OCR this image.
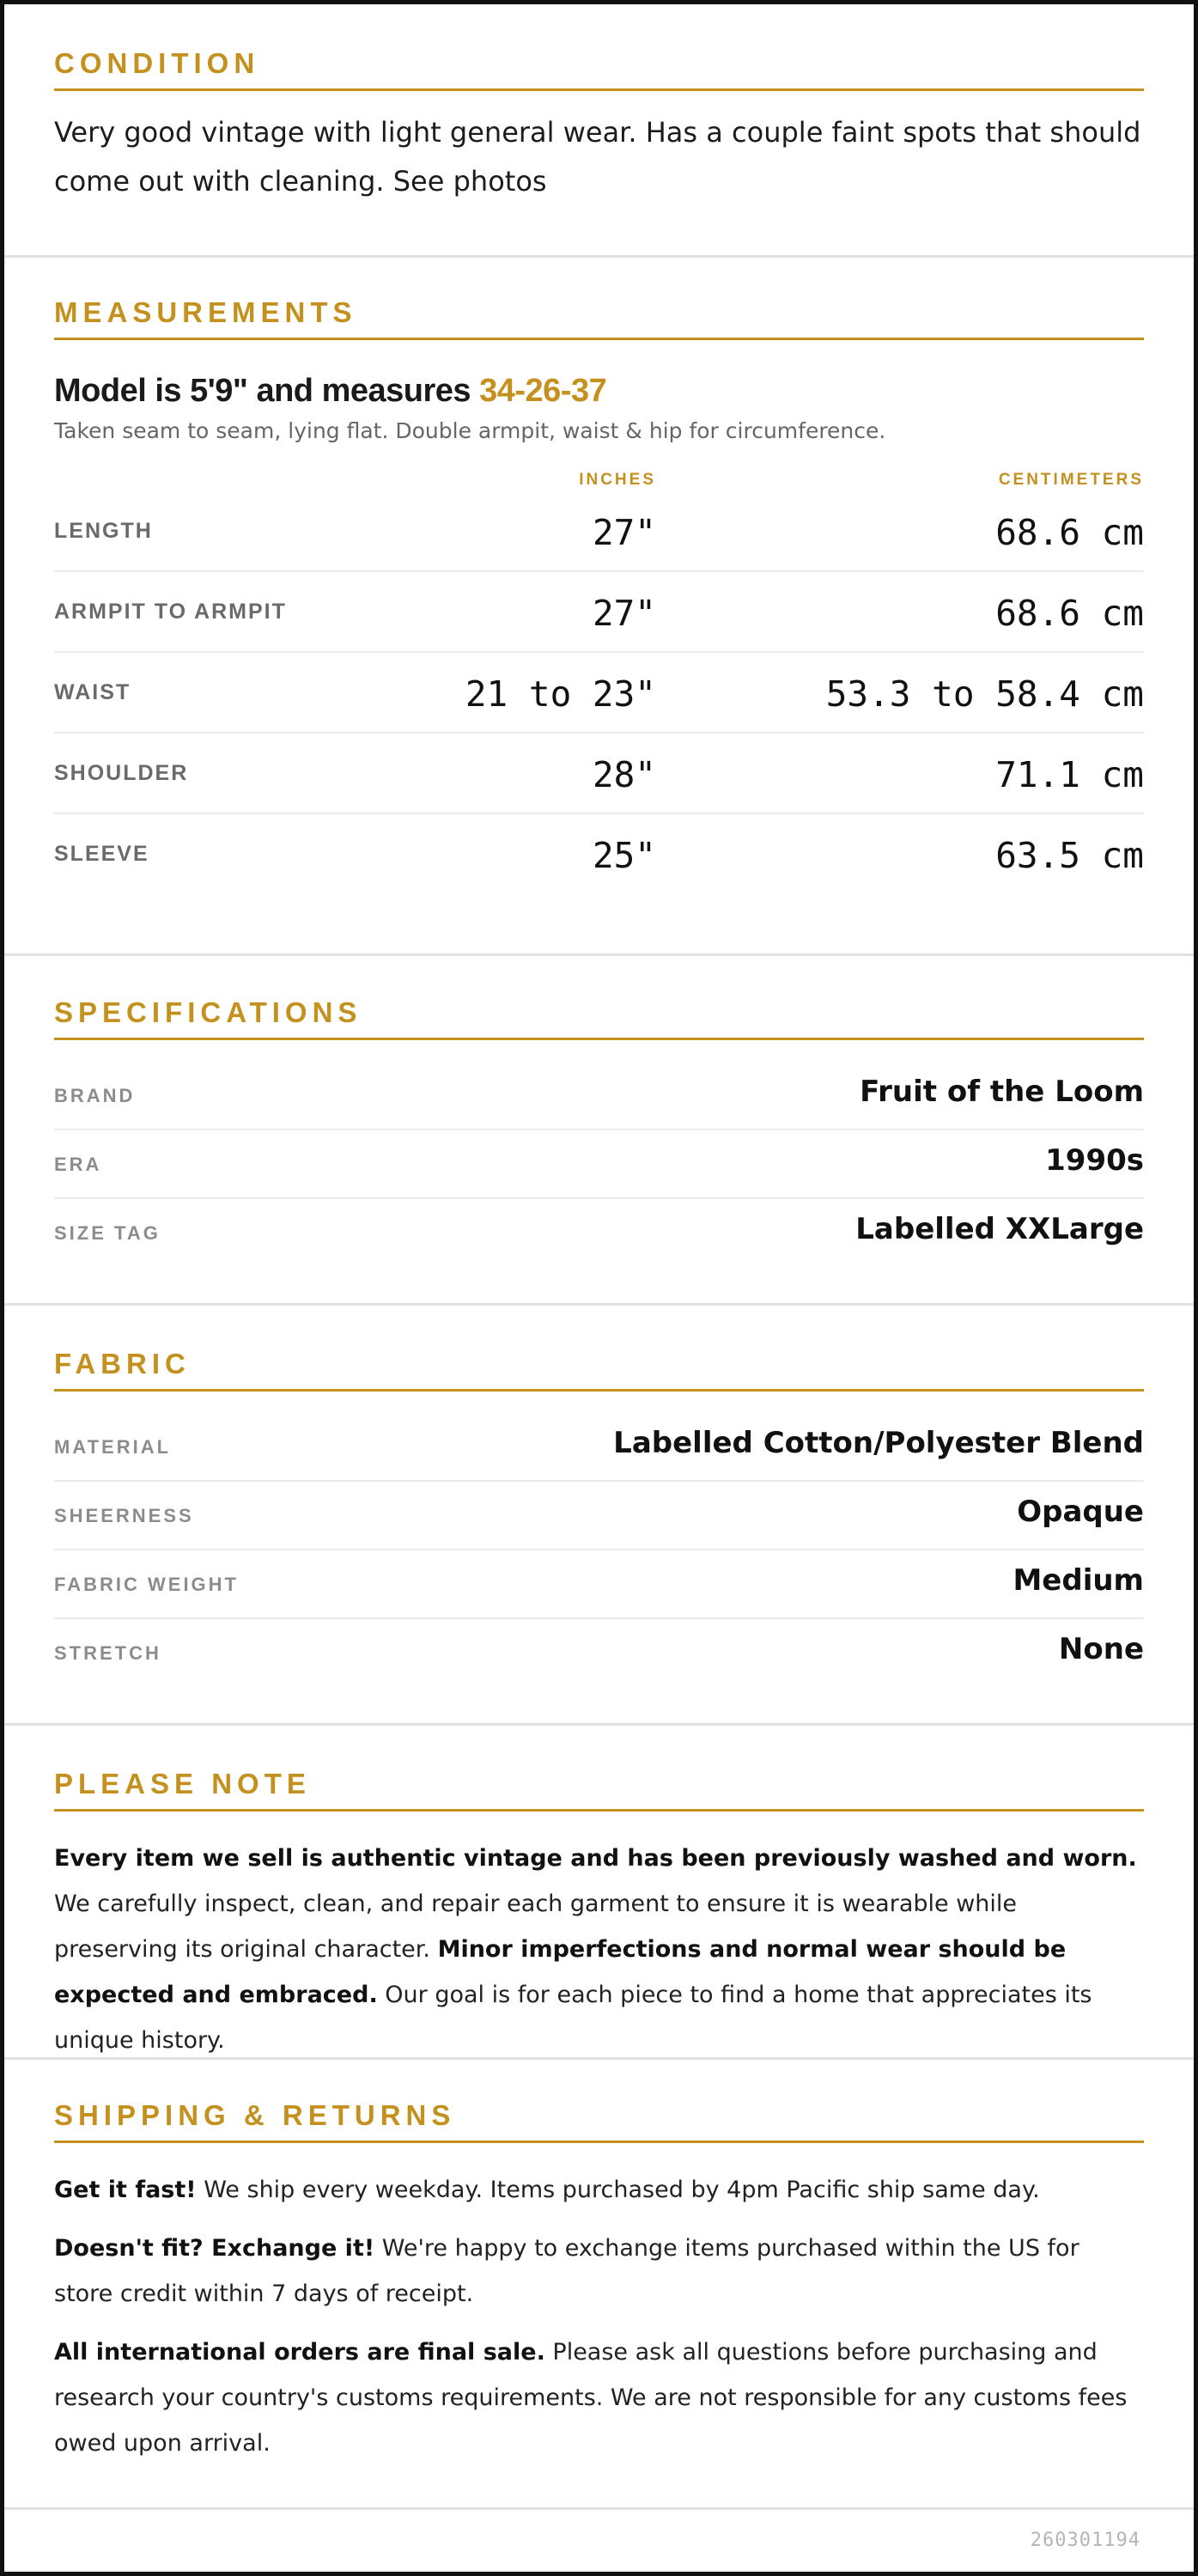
CONDITION

Very good vintage with light general wear. Has a couple faint spots that should come out with cleaning. See photos

MEASUREMENTS

Model is 5'9" and measures 34-26-37

Taken seam to seam, lying flat. Double armpit, waist & hip for circumference.

INCHES	CENTIMETERS
LENGTH	27"	68.6 cm
ARMPIT TO ARMPIT	27"	68.6 cm
WAIST	21 to 23"	53.3 to 58.4 cm
SHOULDER	28"	71.1 cm
SLEEVE	25"	63.5 cm
SPECIFICATIONS
BRAND	Fruit of the Loom
ERA	1990s
SIZE TAG	Labelled XXLarge
FABRIC
MATERIAL	Labelled Cotton/Polyester Blend
SHEERNESS	Opaque
FABRIC WEIGHT	Medium
STRETCH	None
PLEASE NOTE

Every item we sell is authentic vintage and has been previously washed and worn. We carefully inspect, clean, and repair each garment to ensure it is wearable while preserving its original character. Minor imperfections and normal wear should be expected and embraced. Our goal is for each piece to find a home that appreciates its unique history.

SHIPPING & RETURNS

Get it fast! We ship every weekday. Items purchased by 4pm Pacific ship same day.

Doesn't fit? Exchange it! We're happy to exchange items purchased within the US for store credit within 7 days of receipt.

All international orders are final sale. Please ask all questions before purchasing and research your country's customs requirements. We are not responsible for any customs fees owed upon arrival.

260301194
